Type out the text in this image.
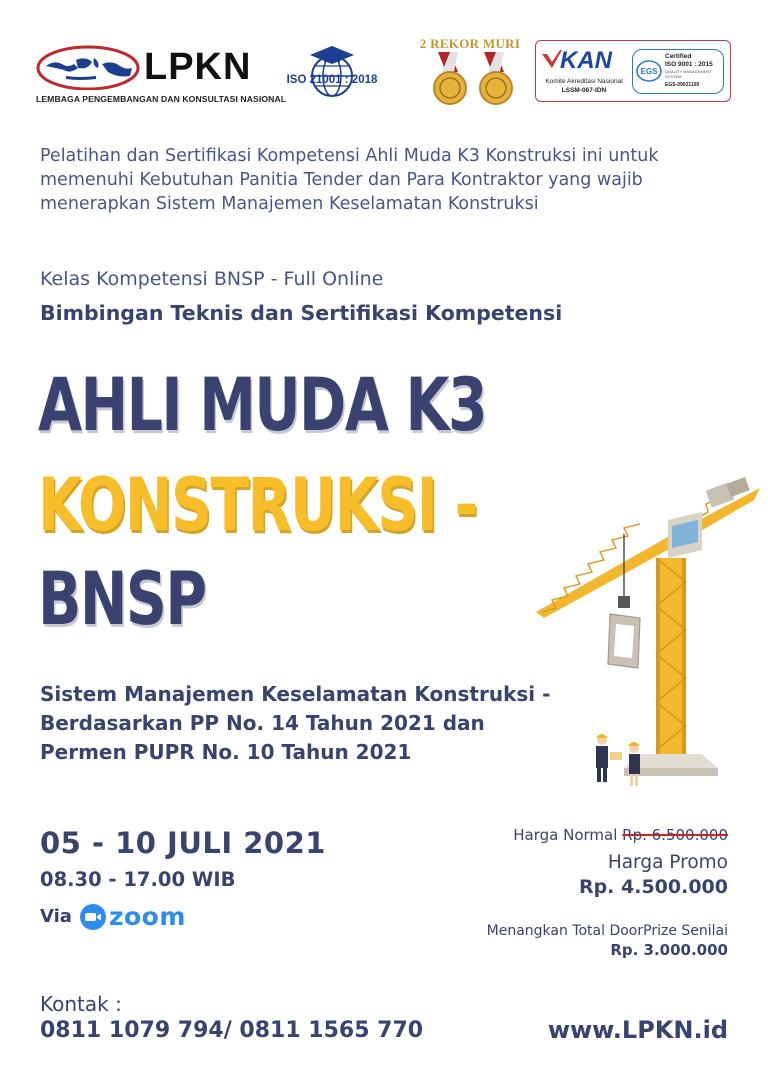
LPKN
LEMBAGA PENGEMBANGAN DAN KONSULTASI NASIONAL
ISO 21001 : 2018
2 REKOR MURI
KAN
Komite Akreditasi Nasional
LSSM-067-IDN
EGS
Certified
ISO 9001 : 2015
QUALITY MANAGEMENT SYSTEM
EGS-09021109

Pelatihan dan Sertifikasi Kompetensi Ahli Muda K3 Konstruksi ini untuk memenuhi Kebutuhan Panitia Tender dan Para Kontraktor yang wajib menerapkan Sistem Manajemen Keselamatan Konstruksi

Kelas Kompetensi BNSP - Full Online
Bimbingan Teknis dan Sertifikasi Kompetensi
AHLI MUDA K3
KONSTRUKSI -
BNSP

Sistem Manajemen Keselamatan Konstruksi - Berdasarkan PP No. 14 Tahun 2021 dan Permen PUPR No. 10 Tahun 2021

05 - 10 JULI 2021
08.30 - 17.00 WIB
Via zoom
Harga Normal Rp. 6.500.000
Harga Promo
Rp. 4.500.000
Menangkan Total DoorPrize Senilai
Rp. 3.000.000
Kontak :
0811 1079 794/ 0811 1565 770	www.LPKN.id
